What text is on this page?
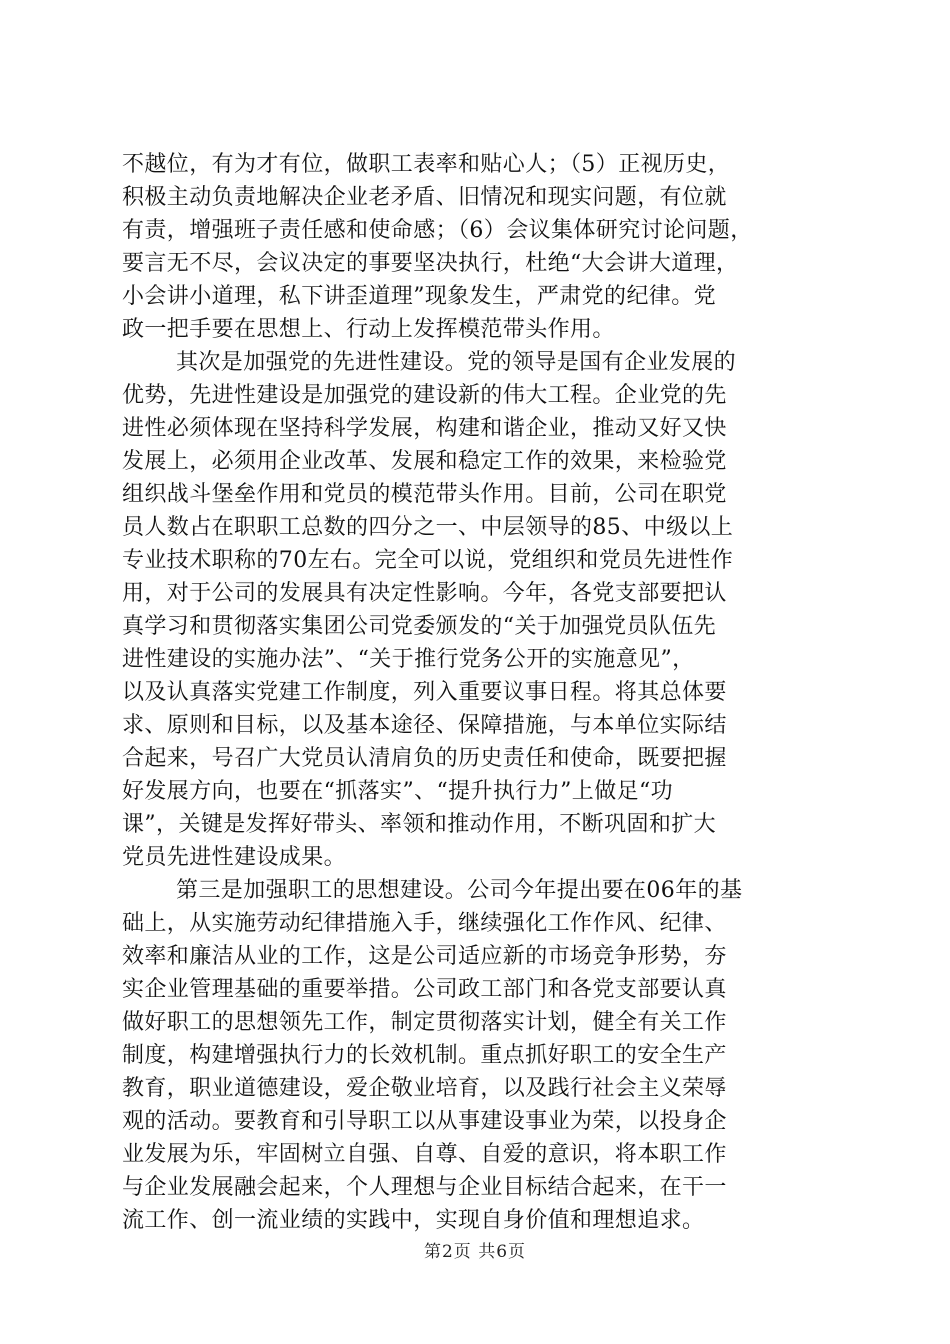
不越位，有为才有位，做职工表率和贴心人；（5）正视历史，
积极主动负责地解决企业老矛盾、旧情况和现实问题，有位就
有责，增强班子责任感和使命感；（6）会议集体研究讨论问题，
要言无不尽，会议决定的事要坚决执行，杜绝“大会讲大道理，
小会讲小道理，私下讲歪道理”现象发生，严肃党的纪律。党
政一把手要在思想上、行动上发挥模范带头作用。
其次是加强党的先进性建设。党的领导是国有企业发展的
优势，先进性建设是加强党的建设新的伟大工程。企业党的先
进性必须体现在坚持科学发展，构建和谐企业，推动又好又快
发展上，必须用企业改革、发展和稳定工作的效果，来检验党
组织战斗堡垒作用和党员的模范带头作用。目前，公司在职党
员人数占在职职工总数的四分之一、中层领导的85、中级以上
专业技术职称的70左右。完全可以说，党组织和党员先进性作
用，对于公司的发展具有决定性影响。今年，各党支部要把认
真学习和贯彻落实集团公司党委颁发的“关于加强党员队伍先
进性建设的实施办法”、“关于推行党务公开的实施意见”，
以及认真落实党建工作制度，列入重要议事日程。将其总体要
求、原则和目标，以及基本途径、保障措施，与本单位实际结
合起来，号召广大党员认清肩负的历史责任和使命，既要把握
好发展方向，也要在“抓落实”、“提升执行力”上做足“功
课”，关键是发挥好带头、率领和推动作用，不断巩固和扩大
党员先进性建设成果。
第三是加强职工的思想建设。公司今年提出要在06年的基
础上，从实施劳动纪律措施入手，继续强化工作作风、纪律、
效率和廉洁从业的工作，这是公司适应新的市场竞争形势，夯
实企业管理基础的重要举措。公司政工部门和各党支部要认真
做好职工的思想领先工作，制定贯彻落实计划，健全有关工作
制度，构建增强执行力的长效机制。重点抓好职工的安全生产
教育，职业道德建设，爱企敬业培育，以及践行社会主义荣辱
观的活动。要教育和引导职工以从事建设事业为荣，以投身企
业发展为乐，牢固树立自强、自尊、自爱的意识，将本职工作
与企业发展融会起来，个人理想与企业目标结合起来，在干一
流工作、创一流业绩的实践中，实现自身价值和理想追求。
第2页 共6页
